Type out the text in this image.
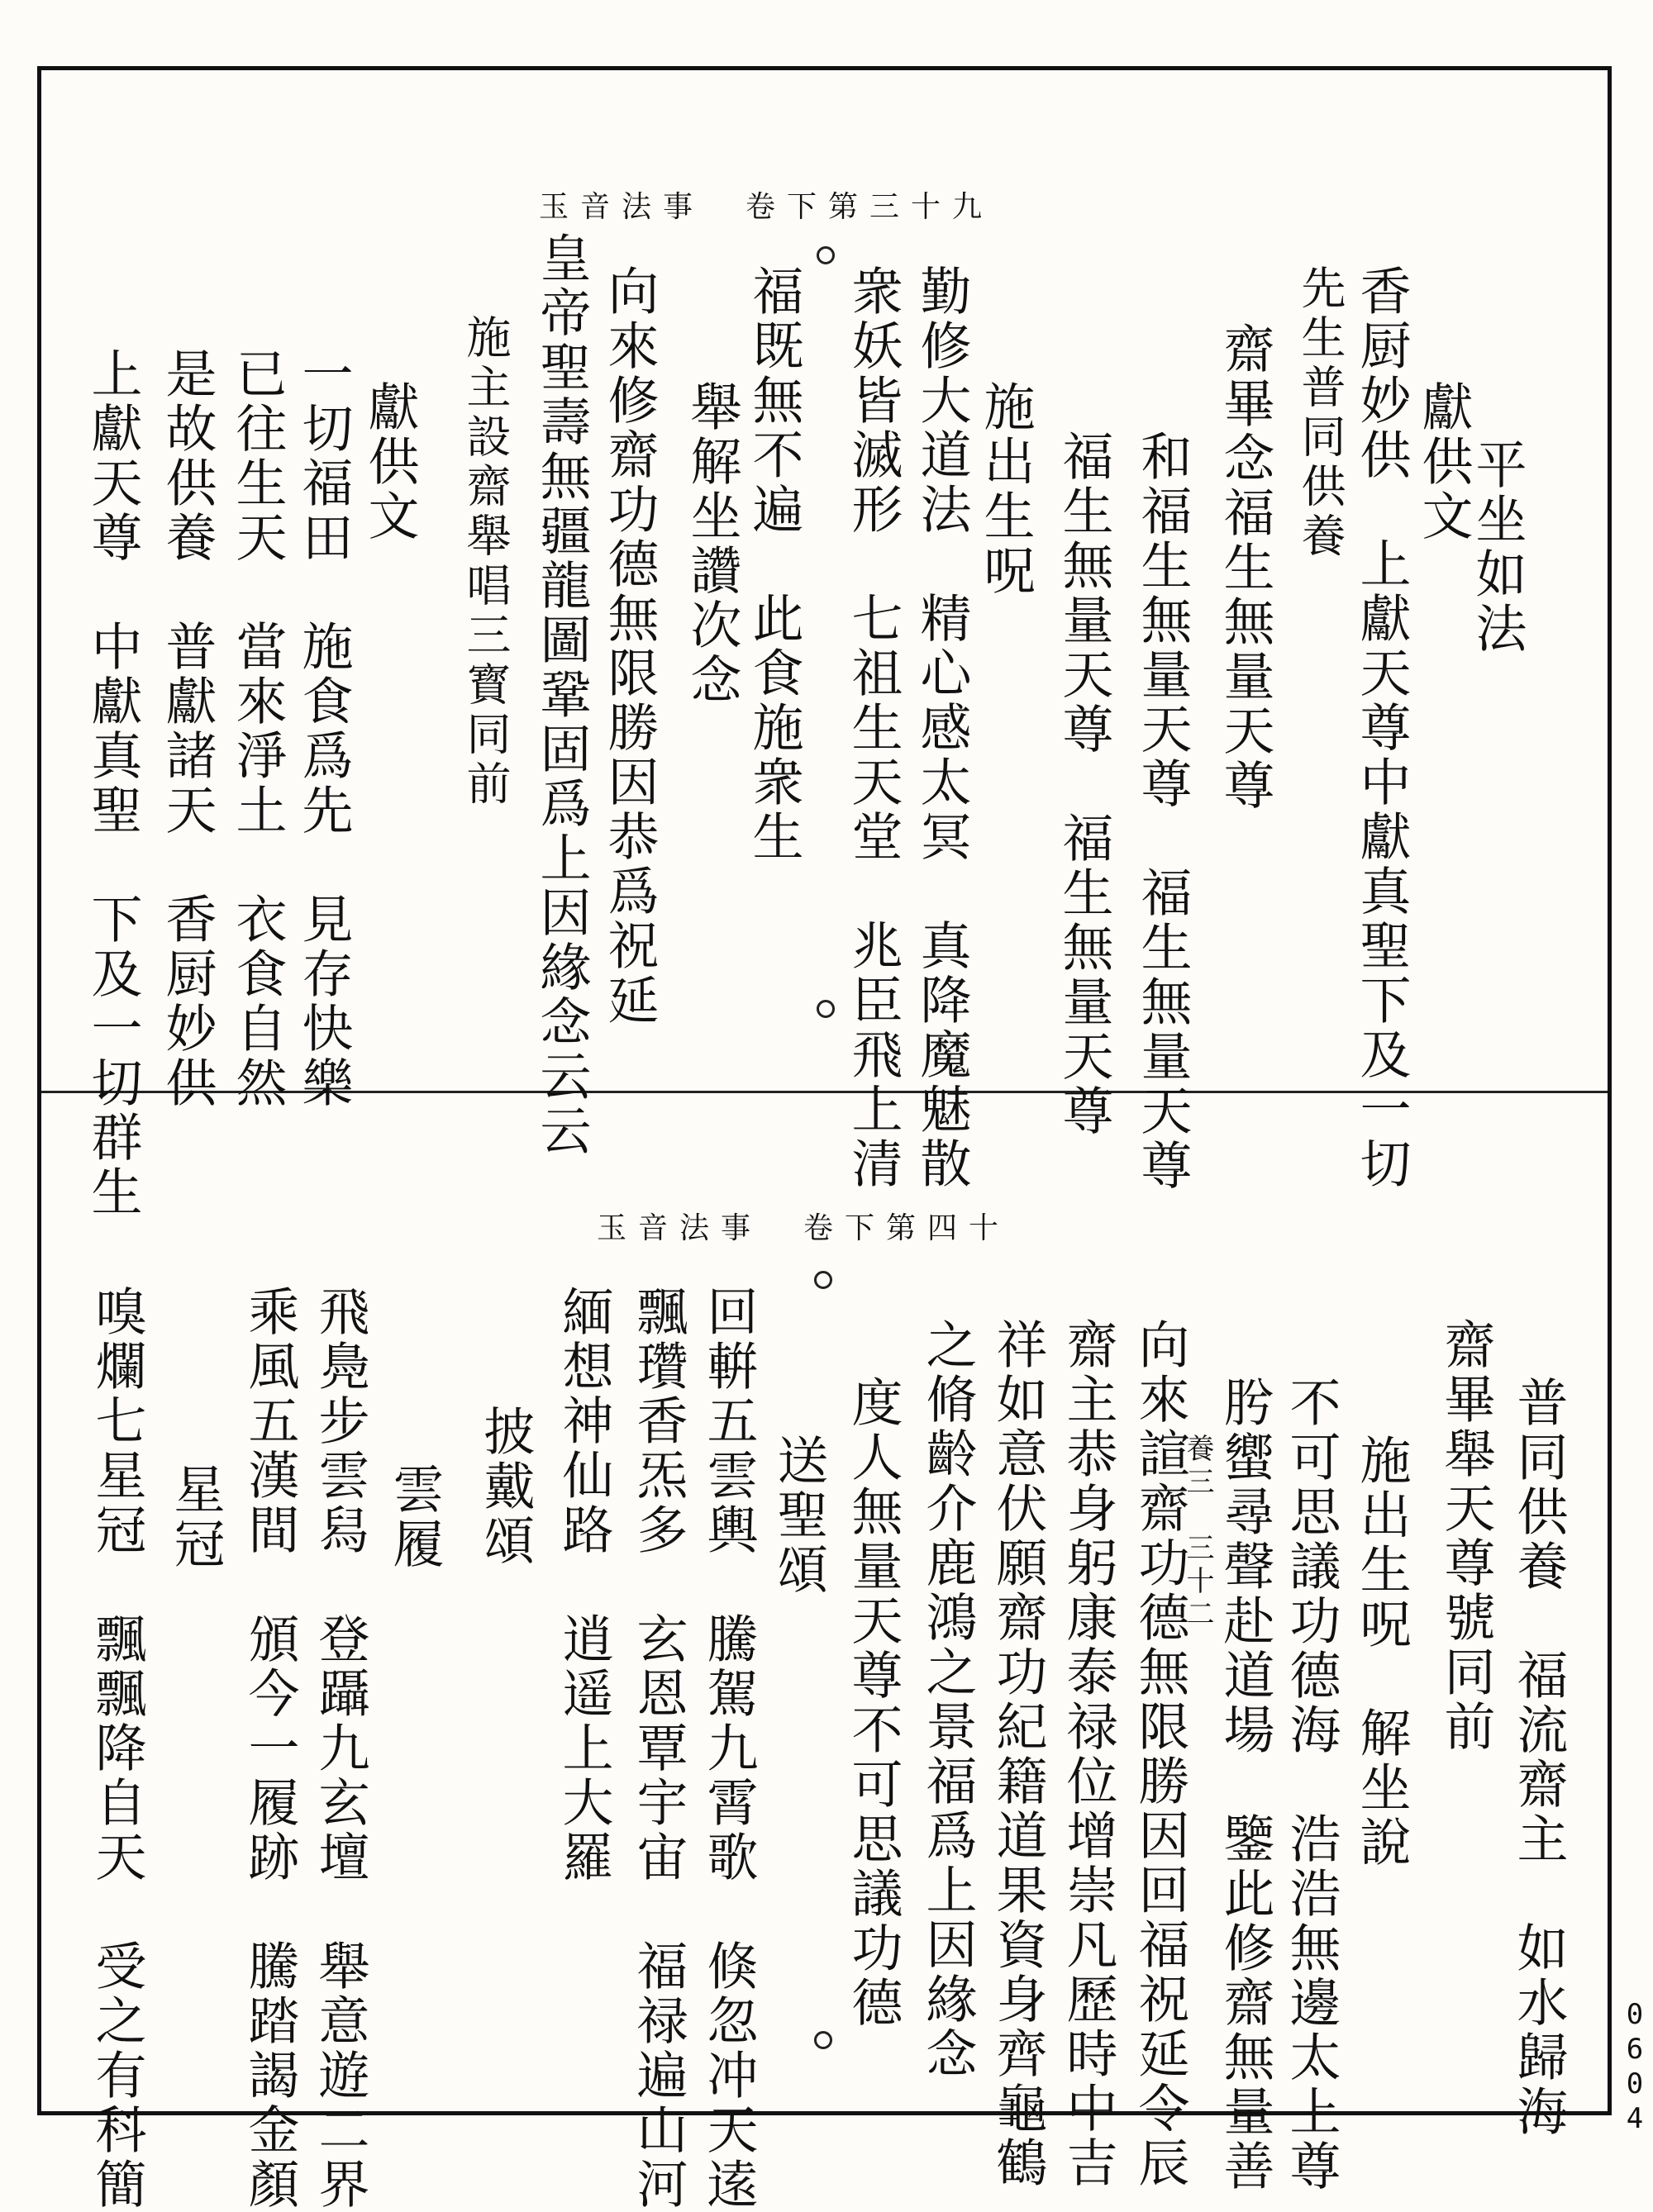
玉音法事　卷下第三十九
平坐如法
獻供文
香厨妙供　上獻天尊中獻真聖下及一切
先生普同供養
齋畢念福生無量天尊
和福生無量天尊　福生無量天尊
福生無量天尊　福生無量天尊
施出生呪
勤修大道法　精心感太冥　真降魔魅散
衆妖皆滅形　七祖生天堂　兆臣飛上清
福既無不遍　此食施衆生
舉解坐讚次念
向來修齋功德無限勝因恭爲祝延
皇帝聖壽無疆龍圖鞏固爲上因緣念云云
施主設齋舉唱三寳同前
獻供文
一切福田　施食爲先　見存快樂
已往生天　當來淨土　衣食自然
是故供養　普獻諸天　香厨妙供
上獻天尊　中獻真聖　下及一切群生
玉音法事　卷下第四十
普同供養　福流齋主　如水歸海
齋畢舉天尊號同前
施出生呪　解坐說
不可思議功德海　浩浩無邊太上尊
肹蠁尋聲赴道場　鑒此修齋無量善
養三　三十二
向來諠齋功德無限勝因回福祝延令辰
齋主恭身躬康泰禄位增崇凡歷時中吉
祥如意伏願齋功紀籍道果資身齊龜鶴
之脩齡介鹿鴻之景福爲上因緣念
度人無量天尊不可思議功德
送聖頌
回輧五雲輿　騰駕九霄歌　倏忽冲天逺
飄瓚香炁多　玄恩覃宇宙　福禄遍山河
緬想神仙路　逍遥上大羅
披戴頌
雲履
飛鳧步雲舄　登躡九玄壇　舉意遊二界
乘風五漢間　頒今一履跡　騰踏謁金顏
星冠
嗅爛七星冠　飄飄降自天　受之有科簡	0604
